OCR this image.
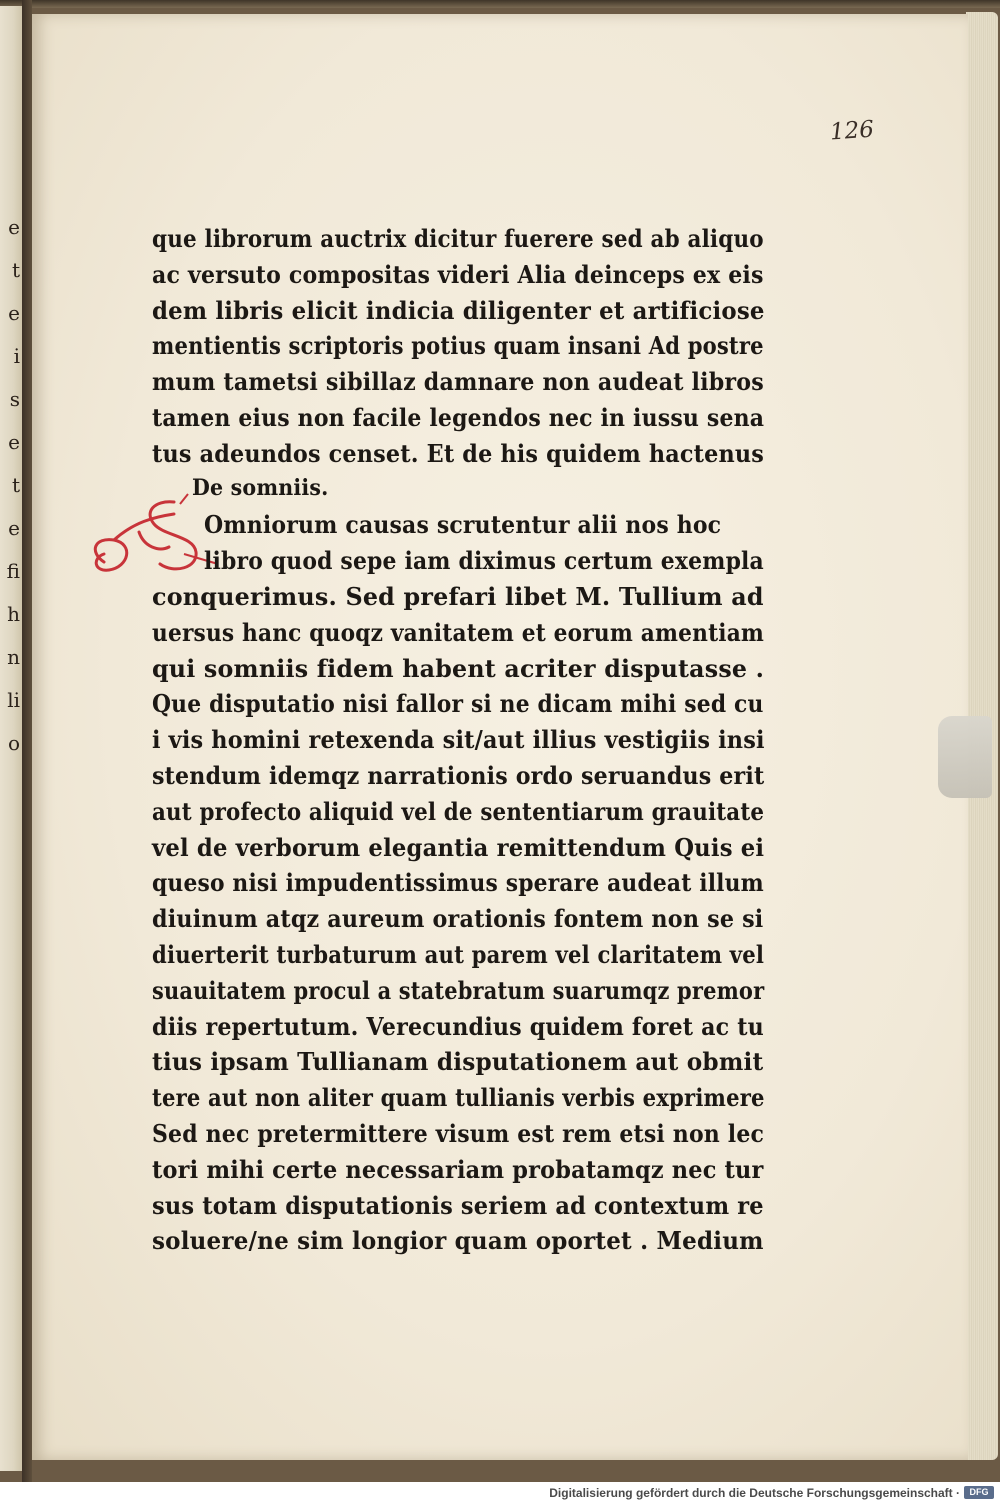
e
t
e
i
s
e
t
e
fi
h
n
li
o
126
que librorum auctrix dicitur fuerere sed ab aliquo
ac versuto compositas videri Alia deinceps ex eis
dem libris elicit indicia diligenter et artificiose
mentientis scriptoris potius quam insani Ad postre
mum tametsi sibillaz damnare non audeat libros
tamen eius non facile legendos nec in iussu sena
tus adeundos censet. Et de his quidem hactenus
De somniis.
Omniorum causas scrutentur alii nos hoc
libro quod sepe iam diximus certum exempla
conquerimus. Sed prefari libet M. Tullium ad
uersus hanc quoqz vanitatem et eorum amentiam
qui somniis fidem habent acriter disputasse .
Que disputatio nisi fallor si ne dicam mihi sed cu
i vis homini retexenda sit/aut illius vestigiis insi
stendum idemqz narrationis ordo seruandus erit
aut profecto aliquid vel de sententiarum grauitate
vel de verborum elegantia remittendum Quis ei
queso nisi impudentissimus sperare audeat illum
diuinum atqz aureum orationis fontem non se si
diuerterit turbaturum aut parem vel claritatem vel
suauitatem procul a statebratum suarumqz premor
diis repertutum. Verecundius quidem foret ac tu
tius ipsam Tullianam disputationem aut obmit
tere aut non aliter quam tullianis verbis exprimere
Sed nec pretermittere visum est rem etsi non lec
tori mihi certe necessariam probatamqz nec tur
sus totam disputationis seriem ad contextum re
soluere/ne sim longior quam oportet . Medium
Digitalisierung gefördert durch die Deutsche Forschungsgemeinschaft ·	DFG
